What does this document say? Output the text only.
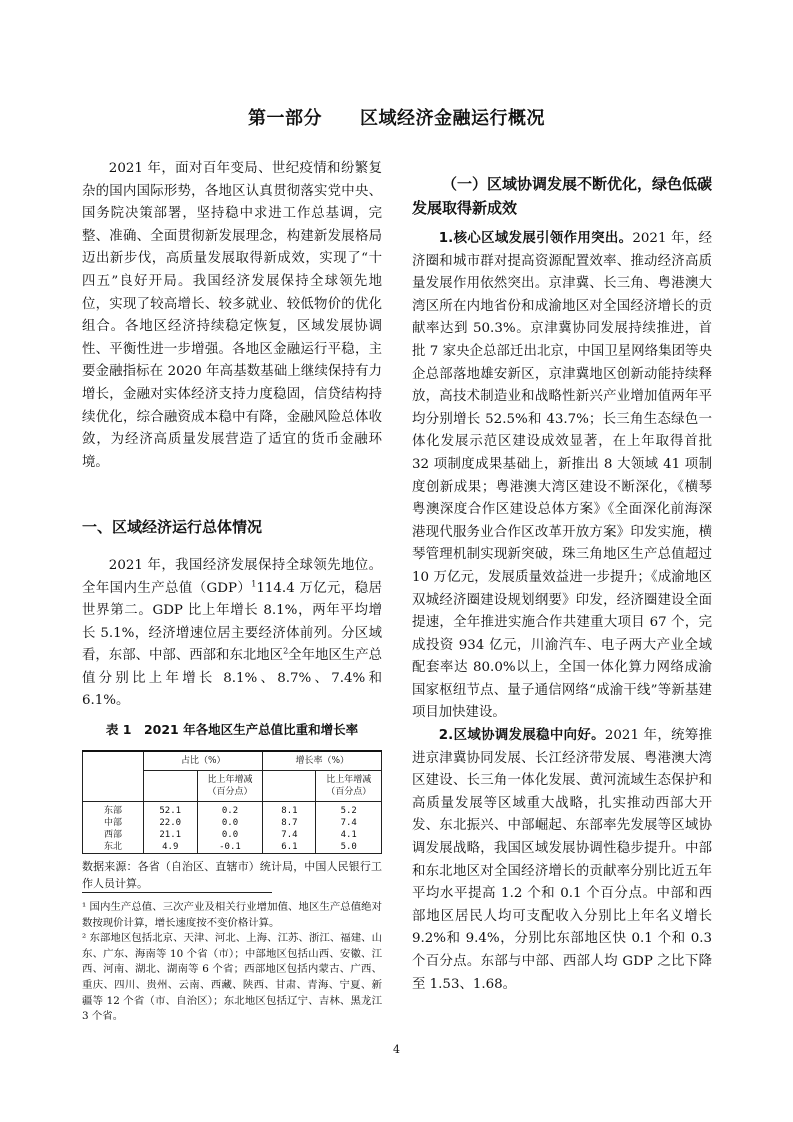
第一部分 区域经济金融运行概况

2021 年，面对百年变局、世纪疫情和纷繁复杂的国内国际形势，各地区认真贯彻落实党中央、国务院决策部署，坚持稳中求进工作总基调，完整、准确、全面贯彻新发展理念，构建新发展格局迈出新步伐，高质量发展取得新成效，实现了“十四五”良好开局。我国经济发展保持全球领先地位，实现了较高增长、较多就业、较低物价的优化组合。各地区经济持续稳定恢复，区域发展协调性、平衡性进一步增强。各地区金融运行平稳，主要金融指标在 2020 年高基数基础上继续保持有力增长，金融对实体经济支持力度稳固，信贷结构持续优化，综合融资成本稳中有降，金融风险总体收敛，为经济高质量发展营造了适宜的货币金融环境。

一、区域经济运行总体情况

2021 年，我国经济发展保持全球领先地位。全年国内生产总值（GDP）$^1$114.4 万亿元，稳居世界第二。GDP 比上年增长 8.1%，两年平均增长 5.1%，经济增速位居主要经济体前列。分区域看，东部、中部、西部和东北地区$^2$全年地区生产总值分别比上年增长 8.1%、8.7%、7.4%和 6.1%。

表 1　2021 年各地区生产总值比重和增长率

	占比（%）		增长率（%）	
		比上年增减（百分点）		比上年增减（百分点）
东部	52.1	0.2	8.1	5.2
中部	22.0	0.0	8.7	7.4
西部	21.1	0.0	7.4	4.1
东北	4.9	-0.1	6.1	5.0

数据来源：各省（自治区、直辖市）统计局，中国人民银行工作人员计算。

¹ 国内生产总值、三次产业及相关行业增加值、地区生产总值绝对数按现价计算，增长速度按不变价格计算。

² 东部地区包括北京、天津、河北、上海、江苏、浙江、福建、山东、广东、海南等 10 个省（市）；中部地区包括山西、安徽、江西、河南、湖北、湖南等 6 个省；西部地区包括内蒙古、广西、重庆、四川、贵州、云南、西藏、陕西、甘肃、青海、宁夏、新疆等 12 个省（市、自治区）；东北地区包括辽宁、吉林、黑龙江 3 个省。

（一）区域协调发展不断优化，绿色低碳发展取得新成效

1.核心区域发展引领作用突出。2021 年，经济圈和城市群对提高资源配置效率、推动经济高质量发展作用依然突出。京津冀、长三角、粤港澳大湾区所在内地省份和成渝地区对全国经济增长的贡献率达到 50.3%。京津冀协同发展持续推进，首批 7 家央企总部迁出北京，中国卫星网络集团等央企总部落地雄安新区，京津冀地区创新动能持续释放，高技术制造业和战略性新兴产业增加值两年平均分别增长 52.5%和 43.7%；长三角生态绿色一体化发展示范区建设成效显著，在上年取得首批 32 项制度成果基础上，新推出 8 大领域 41 项制度创新成果；粤港澳大湾区建设不断深化，《横琴粤澳深度合作区建设总体方案》《全面深化前海深港现代服务业合作区改革开放方案》印发实施，横琴管理机制实现新突破，珠三角地区生产总值超过 10 万亿元，发展质量效益进一步提升；《成渝地区双城经济圈建设规划纲要》印发，经济圈建设全面提速，全年推进实施合作共建重大项目 67 个，完成投资 934 亿元，川渝汽车、电子两大产业全域配套率达 80.0%以上，全国一体化算力网络成渝国家枢纽节点、量子通信网络“成渝干线”等新基建项目加快建设。

2.区域协调发展稳中向好。2021 年，统筹推进京津冀协同发展、长江经济带发展、粤港澳大湾区建设、长三角一体化发展、黄河流域生态保护和高质量发展等区域重大战略，扎实推动西部大开发、东北振兴、中部崛起、东部率先发展等区域协调发展战略，我国区域发展协调性稳步提升。中部和东北地区对全国经济增长的贡献率分别比近五年平均水平提高 1.2 个和 0.1 个百分点。中部和西部地区居民人均可支配收入分别比上年名义增长 9.2%和 9.4%，分别比东部地区快 0.1 个和 0.3 个百分点。东部与中部、西部人均 GDP 之比下降至 1.53、1.68。

4
